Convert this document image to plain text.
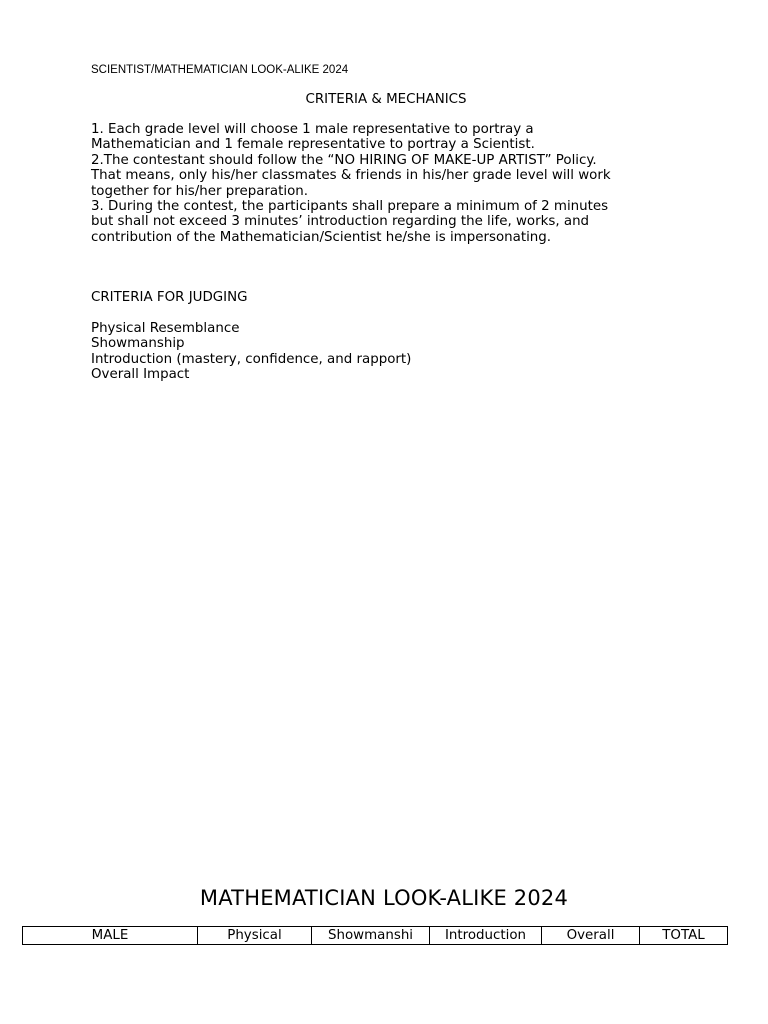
SCIENTIST/MATHEMATICIAN LOOK-ALIKE 2024
CRITERIA & MECHANICS

1. Each grade level will choose 1 male representative to portray a

Mathematician and 1 female representative to portray a Scientist.

2.The contestant should follow the “NO HIRING OF MAKE-UP ARTIST” Policy.

That means, only his/her classmates & friends in his/her grade level will work

together for his/her preparation.

3. During the contest, the participants shall prepare a minimum of 2 minutes

but shall not exceed 3 minutes’ introduction regarding the life, works, and

contribution of the Mathematician/Scientist he/she is impersonating.

CRITERIA FOR JUDGING

Physical Resemblance

Showmanship

Introduction (mastery, confidence, and rapport)

Overall Impact

MATHEMATICIAN LOOK-ALIKE 2024
MALE	Physical	Showmanshi	Introduction	Overall	TOTAL
